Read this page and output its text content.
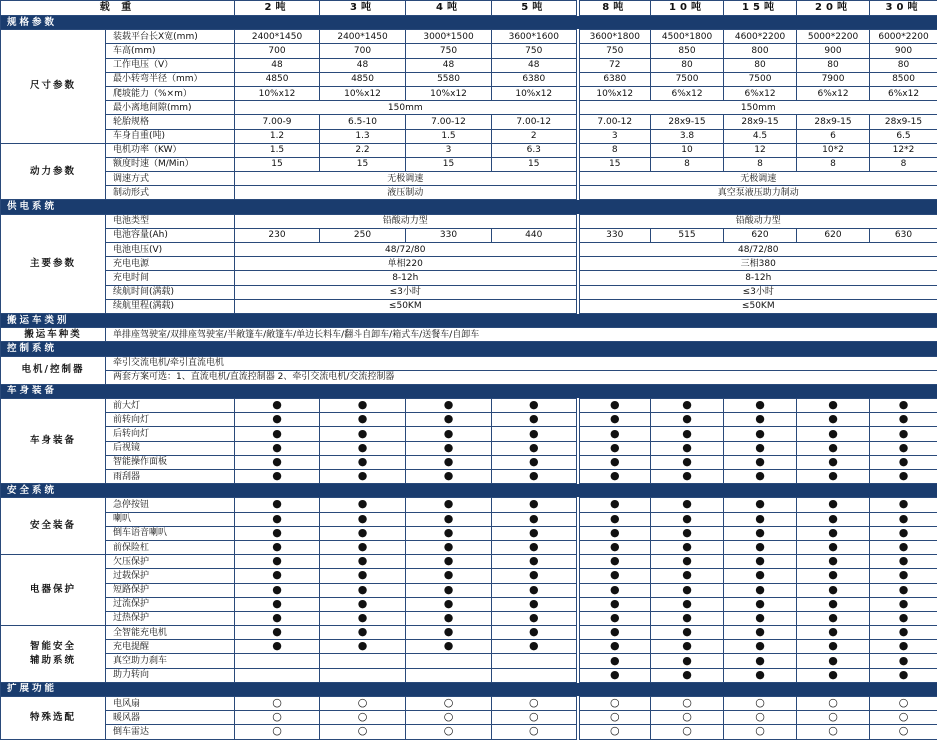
载 重		2吨	3吨	4吨	5吨	8吨	10吨	15吨	20吨	30吨
规格参数										
尺寸参数	装载平台长X宽(mm)	2400*1450	2400*1450	3000*1500	3600*1600	3600*1800	4500*1800	4600*2200	5000*2200	6000*2200
	车高(mm)	700	700	750	750	750	850	800	900	900
	工作电压（V）	48	48	48	48	72	80	80	80	80
	最小转弯半径（mm）	4850	4850	5580	6380	6380	7500	7500	7900	8500
	爬坡能力（%×m）	10%x12	10%x12	10%x12	10%x12	10%x12	6%x12	6%x12	6%x12	6%x12
	最小离地间隙(mm)	150mm				150mm				
	轮胎规格	7.00-9	6.5-10	7.00-12	7.00-12	7.00-12	28x9-15	28x9-15	28x9-15	28x9-15
	车身自重(吨)	1.2	1.3	1.5	2	3	3.8	4.5	6	6.5
动力参数	电机功率（KW）	1.5	2.2	3	6.3	8	10	12	10*2	12*2
	额度时速（M/Min）	15	15	15	15	15	8	8	8	8
	调速方式	无极调速				无极调速				
	制动形式	液压制动				真空泵液压助力制动				
供电系统										
主要参数	电池类型	铅酸动力型				铅酸动力型				
	电池容量(Ah)	230	250	330	440	330	515	620	620	630
	电池电压(V)	48/72/80				48/72/80				
	充电电源	单相220				三相380				
	充电时间	8-12h				8-12h				
	续航时间(满载)	≤3小时				≤3小时				
	续航里程(满载)	≤50KM				≤50KM				
搬运车类别										
搬运车种类	单排座驾驶室/双排座驾驶室/半敞篷车/敞篷车/单边长料车/翻斗自卸车/箱式车/送餐车/自卸车									
控制系统										
电机/控制器	牵引交流电机/牵引直流电机									
	两套方案可选：1、直流电机/直流控制器 2、牵引交流电机/交流控制器									
车身装备										
车身装备	前大灯	●	●	●	●	●	●	●	●	●
	前转向灯	●	●	●	●	●	●	●	●	●
	后转向灯	●	●	●	●	●	●	●	●	●
	后视镜	●	●	●	●	●	●	●	●	●
	智能操作面板	●	●	●	●	●	●	●	●	●
	雨刮器	●	●	●	●	●	●	●	●	●
安全系统										
安全装备	急停按钮	●	●	●	●	●	●	●	●	●
	喇叭	●	●	●	●	●	●	●	●	●
	倒车语音喇叭	●	●	●	●	●	●	●	●	●
	前保险杠	●	●	●	●	●	●	●	●	●
电器保护	欠压保护	●	●	●	●	●	●	●	●	●
	过载保护	●	●	●	●	●	●	●	●	●
	短路保护	●	●	●	●	●	●	●	●	●
	过流保护	●	●	●	●	●	●	●	●	●
	过热保护	●	●	●	●	●	●	●	●	●
智能安全
辅助系统	全智能充电机	●	●	●	●	●	●	●	●	●
	充电提醒	●	●	●	●	●	●	●	●	●
	真空助力刹车					●	●	●	●	●
	助力转向					●	●	●	●	●
扩展功能										
特殊选配	电风扇	○	○	○	○	○	○	○	○	○
	暖风器	○	○	○	○	○	○	○	○	○
	倒车雷达	○	○	○	○	○	○	○	○	○
